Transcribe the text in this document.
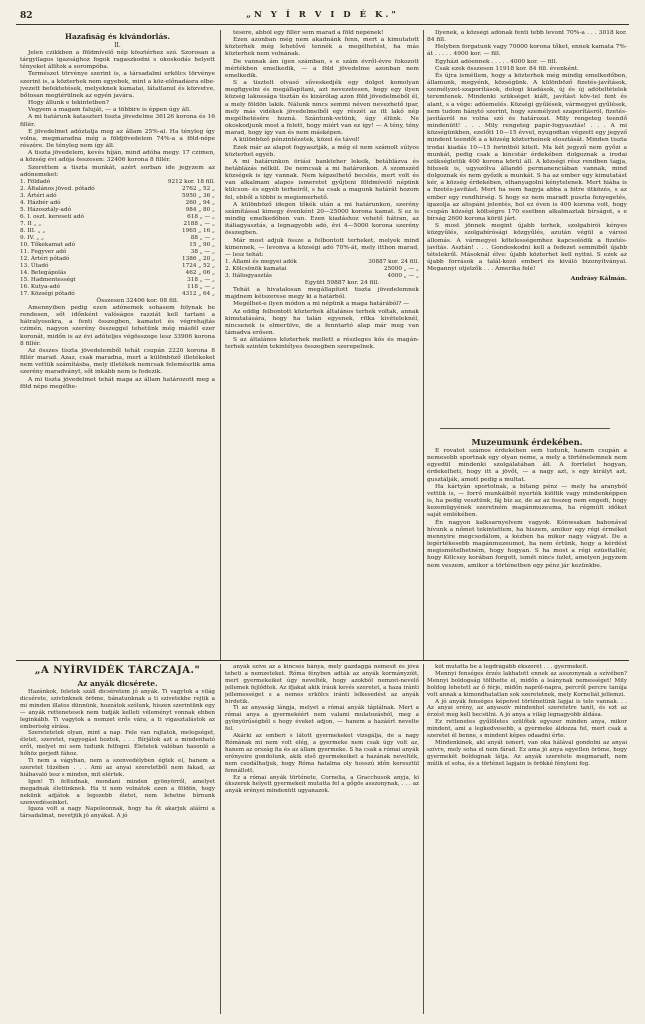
82	„N Y Í R V I D É K."
Hazafiság és kivándorlás.
II.

Jelen czikkben a földmívelő nép kösztérhez szó. Szorosan a tárgyilagos igazsághoz fogok ragaszkodni s okoskodás helyett tényeket állítok a sorompóba.

Természet törvénye szerint is, a társadalmi erkölcs törvénye szerint is, a közterhek nem egyebek, mint a köz-előnadásra elbe-jvezett befektetések, melyeknek kamatai, látatlanul és közvetve, bőtosan megtérülnek az egyén javára.

Hogy állunk e tekintetben?

Vegyem a magam faluját, — a többire is éppen úgy áll.

A mi határunk kataszteri tiszta jövedelme 36126 korona és 16 fillér.

E jövedelmet adóztatja meg az állam 25%-al. Ha tényleg így volna, megmaradna még a földjövedelem 74%-a a föld-népe részére. De tényleg nem így áll.

A tiszta jövedelem, kevés híján, mind adóba megy. 17 czimen, a község évi adója összesen: 32406 korona 8 fillér.

Szerettem a tiszta munkát, azért sorban ide jegyzem az adónemeket:

1. Földadó	9212 kor. 18 fill.
2. Általános jöved. pótadó	2762 „ 52 „
3. Ártéri adó	5950 „ 36 „
4. Házbér adó	260 „ 94 „
5. Házosztály-adó	984 „ 80 „
6. I. oszt. kereseti adó	618 „ — „
7. II „ „	2188 „ — „
8. III. „ „	1965 „ 16 „
9. IV. „ „	88 „ — „
10. Tőkekamat adó	15 „ 90 „
11. Fegyver adó	38 „ — „
12. Ártéri pótadó	1386 „ 20 „
13. Útadó	1724 „ 52 „
14. Betegápolás	462 „ 06 „
15. Hadmentességi	318 „ — „
16. Kutya-adó	118 „ — „
17. Községi pótadó	4312 „ 64 „
Összesen 32406 kor. 08 fill.

Amennyiben pedig ezen adónemek sohasem folynak be rendesen, sőt időnként valóságos razziát kell tartani a hátralyosokra, a fenti összegben, kamatot és végrehajtás czimén, nagyon szerény összeggel tehetünk még másfél ezer koronát, midőn is az évi adóteljes végösszege lesz 33906 korona 8 fillér.

Az összes tiszta jövedelemből tehát csupán 2220 korona 8 fillér marad. Azaz, csak maradna, mert a különböző illetékeket nem vettük számításba, mely illetékek nemcsak felemésztik ama szerény maradványt, sőt inkább nem is fedezik.

A mi tiszta jövedelmet tehát maga az állam határozott meg a föld népe megélhe-

tésére, abból egy fillér sem marad a föld népének!

Ezen azonban még nem akadnánk fenn, mert a kimutatott közterhek még lehetővé tennék a megélhetést, ha más közterhek nem volnának.

De vannak ám igen számban, s e szám évről-évre fokozott mértékben emelkedik, — a föld jövedelme azonban nem emelkedik.

S a tisztelt olvasó sűveskedjék egy dolgot komolyan megfigyelni és megállapítani, azt nevezetesen, hogy egy ilyen község lakossága tisztán és kizárólag azon föld jövedelméből él, a mely földön lakik. Nálunk nincs semmi néven nevezhető ipar, mely más vidékek jövedelmeiből egy részét az itt lakó nép megélhetésére hozná. Szántunk-vetünk, úgy élünk. Ne okoskodjunk most a felett, hogy miért van ez így! — A tény, tény marad, hogy így van és nem másképen.

A különböző pénzintézetek, közel és távol!

Ezek már az alapot fogyasztják, a még el nem számolt súlyos közterhet egyéb.

A mi határunkon öriási bankteher leksik, betáblázva és betáblázás nélkül. De nemcsak a mi határunkon. A szomszéd községek is így vannak. Nem képzelhető becslés, mert volt és van alkalmam alapos ismeretet gyűjteni földmívelő népünk külcson- és egyéb terheiről, s ha csak a magunk határát hozom fel, ebből a többi is megismerhető.

A különböző idegen tőkék után a mi határunkon, szerény számítással kimegy évenként 20—25000 korona kamat. S ez is mindig emelkedőben van. Ezen kiadáshoz vehető hátran, az itáliagyasztás, a legnagyobb adó, évi 4—5000 korona szerény összegben.

Már most adjuk össze a felbontott terheket, melyek mind kimennek, — levonva a községi adó 70%-át, mely itthon marad, — lesz tehát:

1. Állami és megyei adók	30887 kor. 24 fill.
2. Kölcsönök kamatai	25000 „ — „
3. Itáliogyasztás	4000 „ — „
Együtt 59887 kor. 24 fill.

Tehát a hivatalosan megállapított tiszta jövedelemnek majdnem kétszerese megy ki a határból.

Megélhet-e ilyen módon a mi népünk a maga határából? —

Az eddig felbontott közterhek általános terhek voltak, annak kimutatására, hogy ha talán egyenek, ritka kivételeknél, nincsenek is elmerülve, de a fenntartó alap már meg van támadva erősen.

S az általános közterhek mellett a részleges kós és magán-terhek szintén tekintélyes összegben szerepelnek.

Ilyenek, a községi adónak fenti tebb levont 70%-a . . . 3018 kor. 84 fill.

Helyben forgatunk vagy 70000 korona tőket, ennek kamata 7%-át . . . . . 4900 kor. — fill.

Egyházi adóennek . . . . . 4000 kor. — fill.

Csak ezek összesen 11918 kor. 84 fill. évenként.

És újra ismétlem, hogy a közterhek még mindig emelkedőben, államunk, megyénk, községünk. A különböző fizetés-javítások, személyzet-szaporítások, dologi kiadások, új és új adóteltételek teremtenek. Mindenki szükséget kiált, javítást köv-tel fent és alant, s a vége: adóemelés. Községi gyűlések, vármegyei gyűlések, nem tudom hánytó szerint, hogy személyzet szaporításról, fizetés-javításról ne volna szó és határozat. Mily rengeteg teendő mindenütt! . . . Mily rengeteg papír-fogyasztás! . . . A mi községünkben, ezelőtt 10—15 évvel, nyugodtan végzett egy jegyző mindent teendőt a a község közterheinek elosztását. Minden tiszta irodai kiadás 10—15 forintból kitelt. Ma két jegyző nem győzi a munkát, pedig csak a kincstár érdekében dolgoznak a irodai szükségletük 400 korona körül áll. A községi rész rendben tagja, hitesek is, ugyszólva állandó permanenciában vannak, mind dolgoznak és nem győzik a munkát. S ha az ember egy kimutatást kér, a község érdekében, elhanyagolni kénytelenek. Mert hiába is a fizetés-javítást. Mert ha nem hagyja abba a hitre ütközés, s az ember egy rendhirség. S hogy ez nem maradt puszta fenyegetés, igazolja az alispáni jelentés, hol ez éven is 400 korona volt, hogy csupán községi költségre 170 esetben alkalmaztak bírságot, s e bírság 2600 korona körül járt.

S most jönnek megint újabb terhek, szolgabirói kényes közgyűlés, szolgabírósági közgyűlés, azután végül a városi állomás. A vármegyei kötelességemhez kapcsolódik a fizetés-javítás. Asztán! . . . Gondoskodni kell a fedezet semmiből újabb tételekről. Másoknál élve: újabb közterhet kell nyitni. S ezek az újabb források a talál-kozó embert és kiváló bizonyítványai. Megannyi utjelzők . . . Amerika felé!

Andrásy Kálmán.
Muzeumunk érdekében.

E rovatot számos érdekében sem tudunk, hanem csupán a nemesebb sportnak egy olyan neme, a mely a történelemnek nem egyedül mindenki szolgálatában áll. A forrlelet hogyan, érdekelheti, hogy itt a jövőt, — a nagy azt, s egy királyt azt, gusztálják, amott pedig a multat.

Ha kártyán sportolnak, a bitang pénz — mely ha aranyból vettük is, — forró munkáiból nyerték kiöltik vagy mindenképpen is, ha pedig vesztünk, fáj bíz az, de az az összeg nem engedi, hogy kezemügyének szeretném magánmuzeuma, ha régmúlt időket saját emlékében.

Én nagyon kalksarnyelvem vagyok. Kónwsakan babonával hívunk a nőmet tekintettem, ha hiszem, amikor egy régi érméket mennyire megcsodálom, a kézben ha mikor nagy vágyat. De a legértékesebb magánmuzeumot, ha nem értünk, hogy a kérdést megismételhetném, hogy hogyan. S ha most a régi ezüsttallér, hogy Kölcsey korában forgott, ismét nincs üzlet, amelyen jegyzem nem veszem, amikor a történetben egy pénz jár kezünkbe.

„A NYÍRVIDÉK TÁRCZAJA."
Az anyák dicsérete.

Hazánkok, feletek száll dicséretem jó anyák. Ti vagytok a világ dicsérete, szivünknek öröme, bánatunknak a ti szivetekbe rejtik a mi minden illatos dünnünk, hozzátok szólunk, hiszen szerintünk egy — anyák rettenetesek nem tudják kelleti véleményt vonnak ebben leginkább. Ti vagytok a nemzet erős vára, a ti vigasztalástok az emberiség sírása.

Szeretetetek olyan, mint a nap. Fele van rajtatok, melegséget, életet, szeretet, ragyogást hoztok, . . . Bírjátok azt a mindenható erőt, melyet mi sem tudunk felfogni. Életetek valóban hasonló a hőhöz gerjedt fához.

Ti nem a vágyban, nem a szenvedélyben égtek el, hanem a szeretet tüzében . . . Ami az anyai szeretetből nem fakad, az hiábavaló lesz s minden, mit elértek.

Igen! Ti feltudnak, mondani minden gyönyörről, amelyet megadnak életünknek. Ha ti nem volnátok ezen a földön, hogy nekünk adjátok a legszebb életet, nem lehetne bírnunk szenvedéseinket.

Igaza volt a nagy Napoleonnak, hogy ha őt akarjuk aláírni a társadalmat, nevetjük jó anyákat. A jó

anyák szíve az a kincses bánya, mely gazdaggá nemesít és jóvá teheti a nemzeteket. Róma fényben adták az anyák kormányzóit, mert gyermekeiket úgy nevelték, hogy azokból nemzet-nevelő jellemek fejlődtek. Az ifjakat akik íráuk kevés szeretet, a haza iránti jellemességet s a nemes erkölcs iránti lelkesedést az anyák hirdetik.

Ti az anyaság lángja, melyet a római anyák táplálnak. Mert a római anya a gyermekéért nem valami mulatozásból, meg a gyönyörűségből s hogy éveket adjon, — hanem a hazáért nevelte fel.

Akárki az emberi s látott gyermekeket vizsgálja, de a nagy Rómának mi nem volt elég, a gyermeke nem csak úgy volt az, hanem az ország fia és az állam gyermeke. S ha csak a római anyák erényeire gondolunk, akik első gyermekeiket a hazának nevelték, nem csodálhatjuk, hogy Róma hatalma oly hosszú időn keresztül fennállott.

Ez a római anyák története, Cornelia, a Gracchusok anyja, ki ékszerek helyett gyermekeit mutatta fel a gőgös asszonynak, . . . az anyák erényei mindenütt ugyanazok.

kót mutatta be a legdrágább ékszerét . . . gyermekeit.

Mennyi fenséges érzés lakhatott ennek az asszonynak a szívében? Mennyi boldogság tölthette el, midőn a leánynak nemességet! Mily boldog lehetett az ő férje, midőn napról-napra, percről percre tanúja volt annak a kimondhatatlan sok szeretetnek, mely Korneliát jellemzi.

A jó anyák fenséges képeivel történetünk lapjai is tele vannak. . . Az anyai erény, az anyaszív mindenhol szeretetre tanít, és ezt az érzést meg kell becsülni. A jó anya a világ legnagyobb áldása.

Ez rettenetes gyűlöletes szülőtek egyszer minden anya, mikor mindent, ami a legkedvesebb, a gyermeke áldozza fel, mert csak a szeretet él benne, s mindent képes odaadni érte.

Mindenkinek, aki anyát ismert, van oka hálával gondolni az anyai szívre, mely soha el nem fárad. Ez ama jó anya egyetlen öröme, hogy gyermekét boldognak látja. Az anyák szeretete megmaradt, nem múlik el soha, és a történet lapjain is örökké fényleni fog.
